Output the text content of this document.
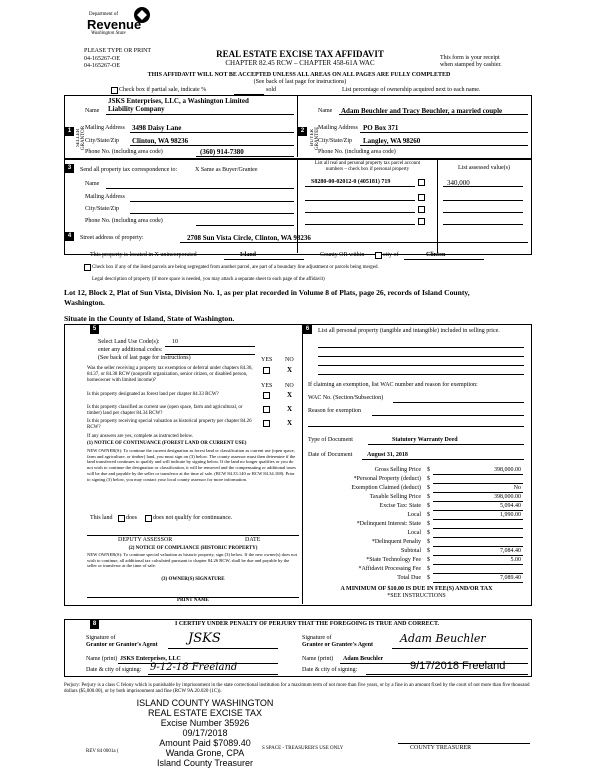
Department of
Revenue
Washington State
PLEASE TYPE OR PRINT
04-165267-OE
04-165267-OE
REAL ESTATE EXCISE TAX AFFIDAVIT
CHAPTER 82.45 RCW – CHAPTER 458-61A WAC
This form is your receipt
when stamped by cashier.
THIS AFFIDAVIT WILL NOT BE ACCEPTED UNLESS ALL AREAS ON ALL PAGES ARE FULLY COMPLETED
(See back of last page for instructions)
Check box if partial sale, indicate %	sold	List percentage of ownership acquired next to each name.
1	2
SELLER GRANTOR	BUYER GRANTEE
Name
JSKS Enterprises, LLC, a Washington Limited
Liability Company
Mailing Address 3498 Daisy Lane
City/State/Zip Clinton, WA 98236
Phone No. (including area code)	(360) 914-7380
Name Adam Beuchler and Tracy Beuchler, a married couple
Mailing Address PO Box 371
City/State/Zip Langley, WA 98260
Phone No. (including area code)
3	Send all property tax correspondence to:	X Same as Buyer/Grantee
Name
Mailing Address
City/State/Zip
Phone No. (including area code)
List all real and personal property tax parcel account
numbers – check box if personal property	List assessed value(s)
S8280-00-02012-0 (405181) 719	340,000
4	Street address of property:	2708 Sun Vista Circle, Clinton, WA 98236
This property is located in X unincorporated	Island	County OR within	city of	Clinton
Check box if any of the listed parcels are being segregated from another parcel, are part of a boundary line adjustment or parcels being merged.
Legal description of property (if more space is needed, you may attach a separate sheet to each page of the affidavit)
Lot 12, Block 2, Plat of Sun Vista, Division No. 1, as per plat recorded in Volume 8 of Plats, page 26, records of Island County,
Washington.
Situate in the County of Island, State of Washington.
5	6
Select Land Use Code(s): 10
enter any additional codes:
(See back of last page for instructions)	YES NO
Was the seller receiving a property tax exemption or deferral under chapters 84.36, 84.37, or 84.38 RCW (nonprofit organization, senior citizen, or disabled person, homeowner with limited income)?
X
YES NO
Is this property designated as forest land per chapter 84.33 RCW?	X
Is this property classified as current use (open space, farm and agricultural, or timber) land per chapter 84.34 RCW?
X
Is this property receiving special valuation as historical property per chapter 84.26 RCW?
X
If any answers are yes, complete as instructed below.
(1) NOTICE OF CONTINUANCE (FOREST LAND OR CURRENT USE)
NEW OWNER(S): To continue the current designation as forest land or classification as current use (open space, farm and agriculture, or timber) land, you must sign on (3) below. The county assessor must then determine if the land transferred continues to qualify and will indicate by signing below. If the land no longer qualifies or you do not wish to continue the designation or classification, it will be removed and the compensating or additional taxes will be due and payable by the seller or transferor at the time of sale. (RCW 84.33.140 or RCW 84.34.108). Prior to signing (3) below, you may contact your local county assessor for more information.
This land does	does not qualify for continuance.
DEPUTY ASSESSOR	DATE
(2) NOTICE OF COMPLIANCE (HISTORIC PROPERTY)
NEW OWNER(S): To continue special valuation as historic property, sign (3) below. If the new owner(s) does not wish to continue, all additional tax calculated pursuant to chapter 84.26 RCW, shall be due and payable by the seller or transferor at the time of sale.
(3) OWNER(S) SIGNATURE
PRINT NAME
List all personal property (tangible and intangible) included in selling price.
If claiming an exemption, list WAC number and reason for exemption:
WAC No. (Section/Subsection)
Reason for exemption
Type of Document	Statutory Warranty Deed
Date of Document August 31, 2018
Gross Selling Price $	398,000.00
*Personal Property (deduct) $
Exemption Claimed (deduct) $	No
Taxable Selling Price $	398,000.00
Excise Tax: State $	5,094.40
Local $	1,990.00
*Delinquent Interest: State $
Local $
*Delinquent Penalty $
Subtotal $	7,084.40
*State Technology Fee $	5.00
*Affidavit Processing Fee $
Total Due $	7,089.40
A MINIMUM OF $10.00 IS DUE IN FEE(S) AND/OR TAX
*SEE INSTRUCTIONS
8	I CERTIFY UNDER PENALTY OF PERJURY THAT THE FOREGOING IS TRUE AND CORRECT.
Signature of
Grantor or Grantor's Agent JSKS
Name (print) JSKS Enterprises, LLC
Date & city of signing: 9-12-18 Freeland
Signature of
Grantee or Grantee's Agent Adam Beuchler
Name (print) Adam Beuchler
Date & city of signing:	9/17/2018 Freeland
Perjury: Perjury is a class C felony which is punishable by imprisonment in the state correctional institution for a maximum term of not more than five years, or by a fine in an amount fixed by the court of not more than five thousand dollars ($5,000.00), or by both imprisonment and fine (RCW 9A.20.020 (1C)).
ISLAND COUNTY WASHINGTON
REAL ESTATE EXCISE TAX
Excise Number 35926
09/17/2018
Amount Paid $7089.40
Wanda Grone, CPA
Island County Treasurer
REV 84 0001a (
S SPACE - TREASURER'S USE ONLY	COUNTY TREASURER
